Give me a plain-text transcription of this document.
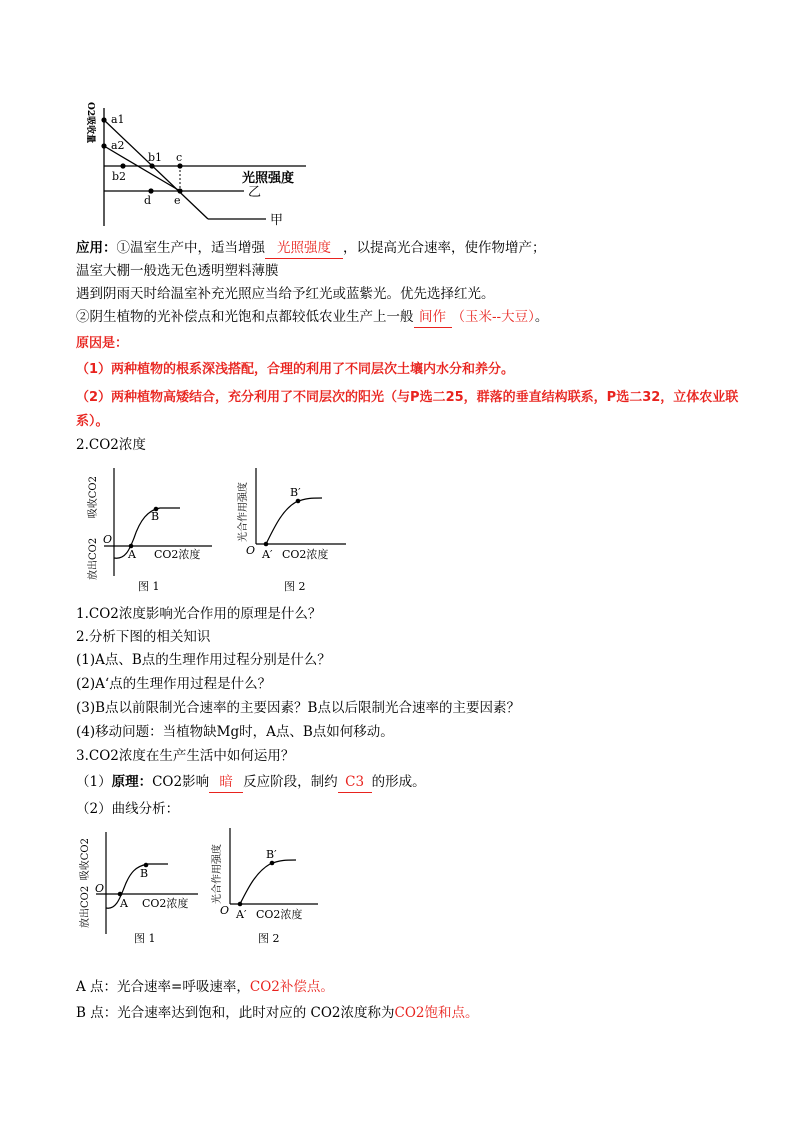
a1
a2
b1
b2
c
d e
光照强度
乙
甲
O2吸收量
应用：①温室生产中，适当增强 光照强度 ，以提高光合速率，使作物增产；
温室大棚一般选无色透明塑料薄膜
遇到阴雨天时给温室补充光照应当给予红光或蓝紫光。优先选择红光。
②阴生植物的光补偿点和光饱和点都较低农业生产上一般 间作 （玉米--大豆）。
原因是：
（1）两种植物的根系深浅搭配，合理的利用了不同层次土壤内水分和养分。
（2）两种植物高矮结合，充分利用了不同层次的阳光（与P选二25，群落的垂直结构联系，P选二32，立体农业联系）。
2.CO2浓度
O
A
B
CO2浓度
图 1
吸收CO2
放出CO2	O A′
B′
CO2浓度
图 2
光合作用强度
1.CO2浓度影响光合作用的原理是什么？
2.分析下图的相关知识
(1)A点、B点的生理作用过程分别是什么？
(2)A‘点的生理作用过程是什么？
(3)B点以前限制光合速率的主要因素？B点以后限制光合速率的主要因素？
(4)移动问题：当植物缺Mg时，A点、B点如何移动。
3.CO2浓度在生产生活中如何运用？
（1）原理：CO2影响 暗 反应阶段，制约 C3 的形成。
（2）曲线分析：
O
A
B
CO2浓度
图 1
吸收CO2
放出CO2	O A′
B′
CO2浓度
图 2
光合作用强度
A 点：光合速率=呼吸速率，CO2补偿点。
B 点：光合速率达到饱和，此时对应的 CO2浓度称为CO2饱和点。
